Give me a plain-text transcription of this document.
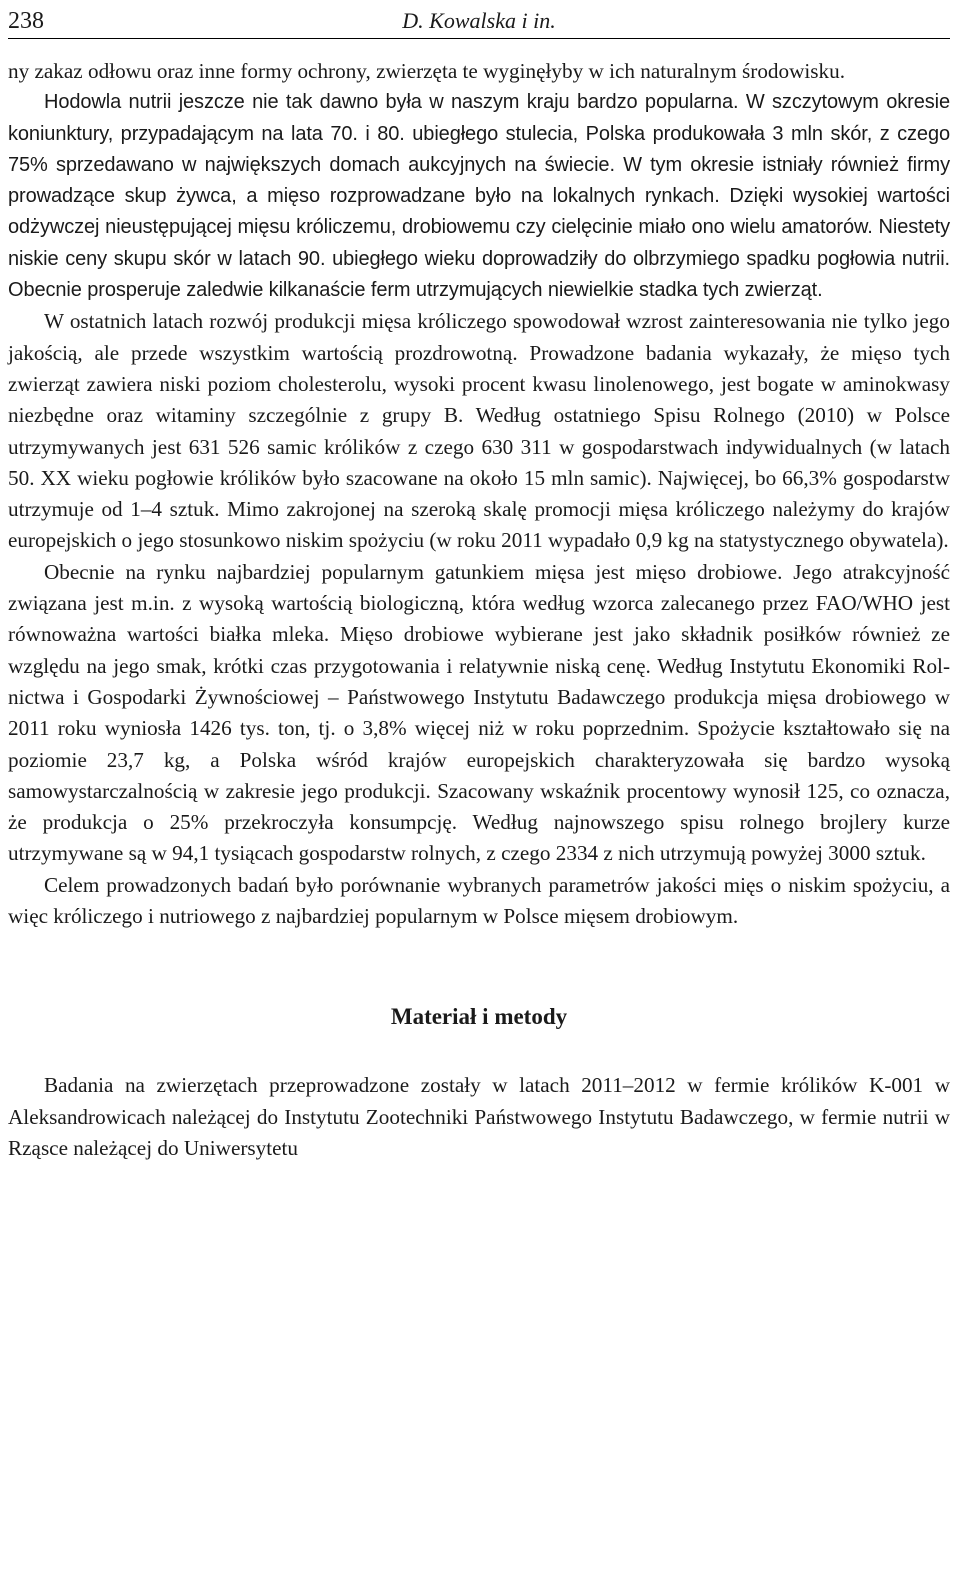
238	D. Kowalska i in.

ny zakaz odłowu oraz inne formy ochrony, zwierzęta te wyginęłyby w ich naturalnym środowisku.

Hodowla nutrii jeszcze nie tak dawno była w naszym kraju bardzo popularna. W szczytowym okresie koniunktury, przypadającym na lata 70. i 80. ubiegłego stulecia, Polska produkowała 3 mln skór, z czego 75% sprzedawano w największych domach aukcyjnych na świecie. W tym okresie istniały również firmy prowadzące skup żywca, a mięso rozprowadzane było na lokalnych rynkach. Dzięki wysokiej wartości odżywczej nieustępującej mięsu króliczemu, drobiowemu czy cielęcinie miało ono wielu amatorów. Niestety niskie ceny skupu skór w latach 90. ubiegłego wieku doprowadziły do olbrzymiego spadku pogłowia nutrii. Obecnie prosperuje zaledwie kilkanaście ferm utrzymujących niewielkie stadka tych zwierząt.

W ostatnich latach rozwój produkcji mięsa króliczego spowodował wzrost zainteresowania nie tylko jego jakością, ale przede wszystkim wartością prozdrowotną. Prowadzone badania wykazały, że mięso tych zwierząt zawiera niski poziom cholesterolu, wysoki procent kwasu linolenowego, jest bogate w aminokwasy niezbędne oraz witaminy szczególnie z grupy B. Według ostatniego Spisu Rolnego (2010) w Polsce utrzymywanych jest 631 526 samic królików z czego 630 311 w gospodarstwach indywidualnych (w latach 50. XX wieku pogłowie królików było szacowane na około 15 mln samic). Najwięcej, bo 66,3% gospodarstw utrzymuje od 1–4 sztuk. Mimo zakrojonej na szeroką skalę promocji mięsa króliczego należymy do krajów europejskich o jego stosunkowo niskim spożyciu (w roku 2011 wypadało 0,9 kg na statystycznego obywatela).

Obecnie na rynku najbardziej popularnym gatunkiem mięsa jest mięso drobiowe. Jego atrakcyjność związana jest m.in. z wysoką wartością biologiczną, która według wzorca zalecanego przez FAO/WHO jest równoważna wartości białka mleka. Mięso drobiowe wybierane jest jako składnik posiłków również ze względu na jego smak, krótki czas przygotowania i relatywnie niską cenę. Według Instytutu Ekonomiki Rolnictwa i Gospodarki Żywnościowej – Państwowego Instytutu Badawczego produkcja mięsa drobiowego w 2011 roku wyniosła 1426 tys. ton, tj. o 3,8% więcej niż w roku poprzednim. Spożycie kształtowało się na poziomie 23,7 kg, a Polska wśród krajów europejskich charakteryzowała się bardzo wysoką samowystarczalnością w zakresie jego produkcji. Szacowany wskaźnik procentowy wynosił 125, co oznacza, że produkcja o 25% przekroczyła konsumpcję. Według najnowszego spisu rolnego brojlery kurze utrzymywane są w 94,1 tysiącach gospodarstw rolnych, z czego 2334 z nich utrzymują powyżej 3000 sztuk.

Celem prowadzonych badań było porównanie wybranych parametrów jakości mięs o niskim spożyciu, a więc króliczego i nutriowego z najbardziej popularnym w Polsce mięsem drobiowym.

Materiał i metody

Badania na zwierzętach przeprowadzone zostały w latach 2011–2012 w fermie królików K-001 w Aleksandrowicach należącej do Instytutu Zootechniki Państwowego Instytutu Badawczego, w fermie nutrii w Rząsce należącej do Uniwersytetu
